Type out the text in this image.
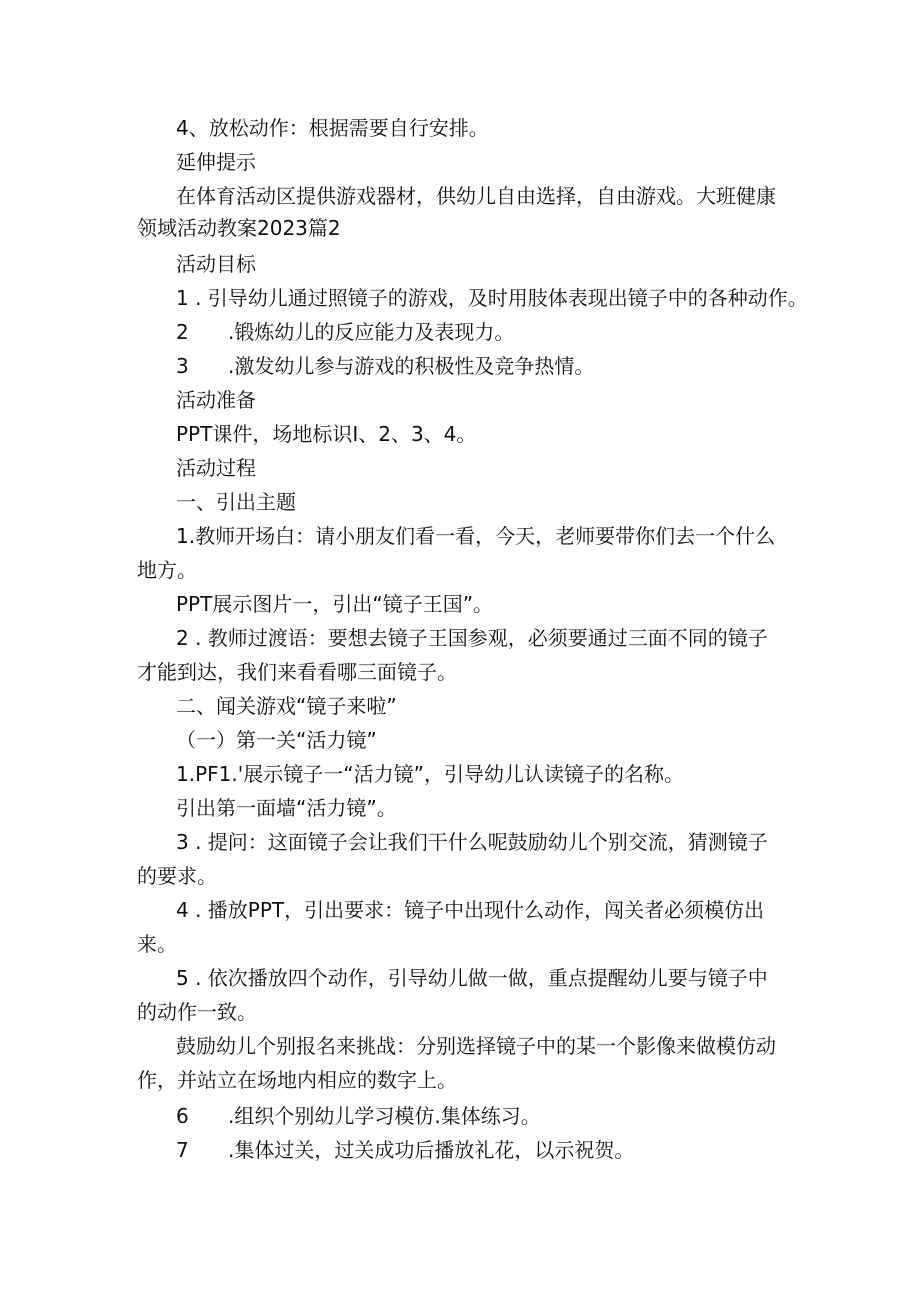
4、放松动作：根据需要自行安排。
延伸提示
在体育活动区提供游戏器材，供幼儿自由选择，自由游戏。大班健康
领域活动教案2023篇2
活动目标
1 . 引导幼儿通过照镜子的游戏，及时用肢体表现出镜子中的各种动作。
2 .锻炼幼儿的反应能力及表现力。
3 .激发幼儿参与游戏的积极性及竞争热情。
活动准备
PPT课件，场地标识I、2、3、4。
活动过程
一、引出主题
1.教师开场白：请小朋友们看一看，今天，老师要带你们去一个什么
地方。
PPT展示图片一，引出“镜子王国”。
2 . 教师过渡语：要想去镜子王国参观，必须要通过三面不同的镜子
才能到达，我们来看看哪三面镜子。
二、闻关游戏“镜子来啦”
（一）第一关“活力镜”
1.PF1.'展示镜子一“活力镜”，引导幼儿认读镜子的名称。
引出第一面墙“活力镜”。
3 . 提问：这面镜子会让我们干什么呢鼓励幼儿个别交流，猜测镜子
的要求。
4 . 播放PPT，引出要求：镜子中出现什么动作，闯关者必须模仿出
来。
5 . 依次播放四个动作，引导幼儿做一做，重点提醒幼儿要与镜子中
的动作一致。
鼓励幼儿个别报名来挑战：分别选择镜子中的某一个影像来做模仿动
作，并站立在场地内相应的数字上。
6 .组织个别幼儿学习模仿.集体练习。
7 .集体过关，过关成功后播放礼花，以示祝贺。
